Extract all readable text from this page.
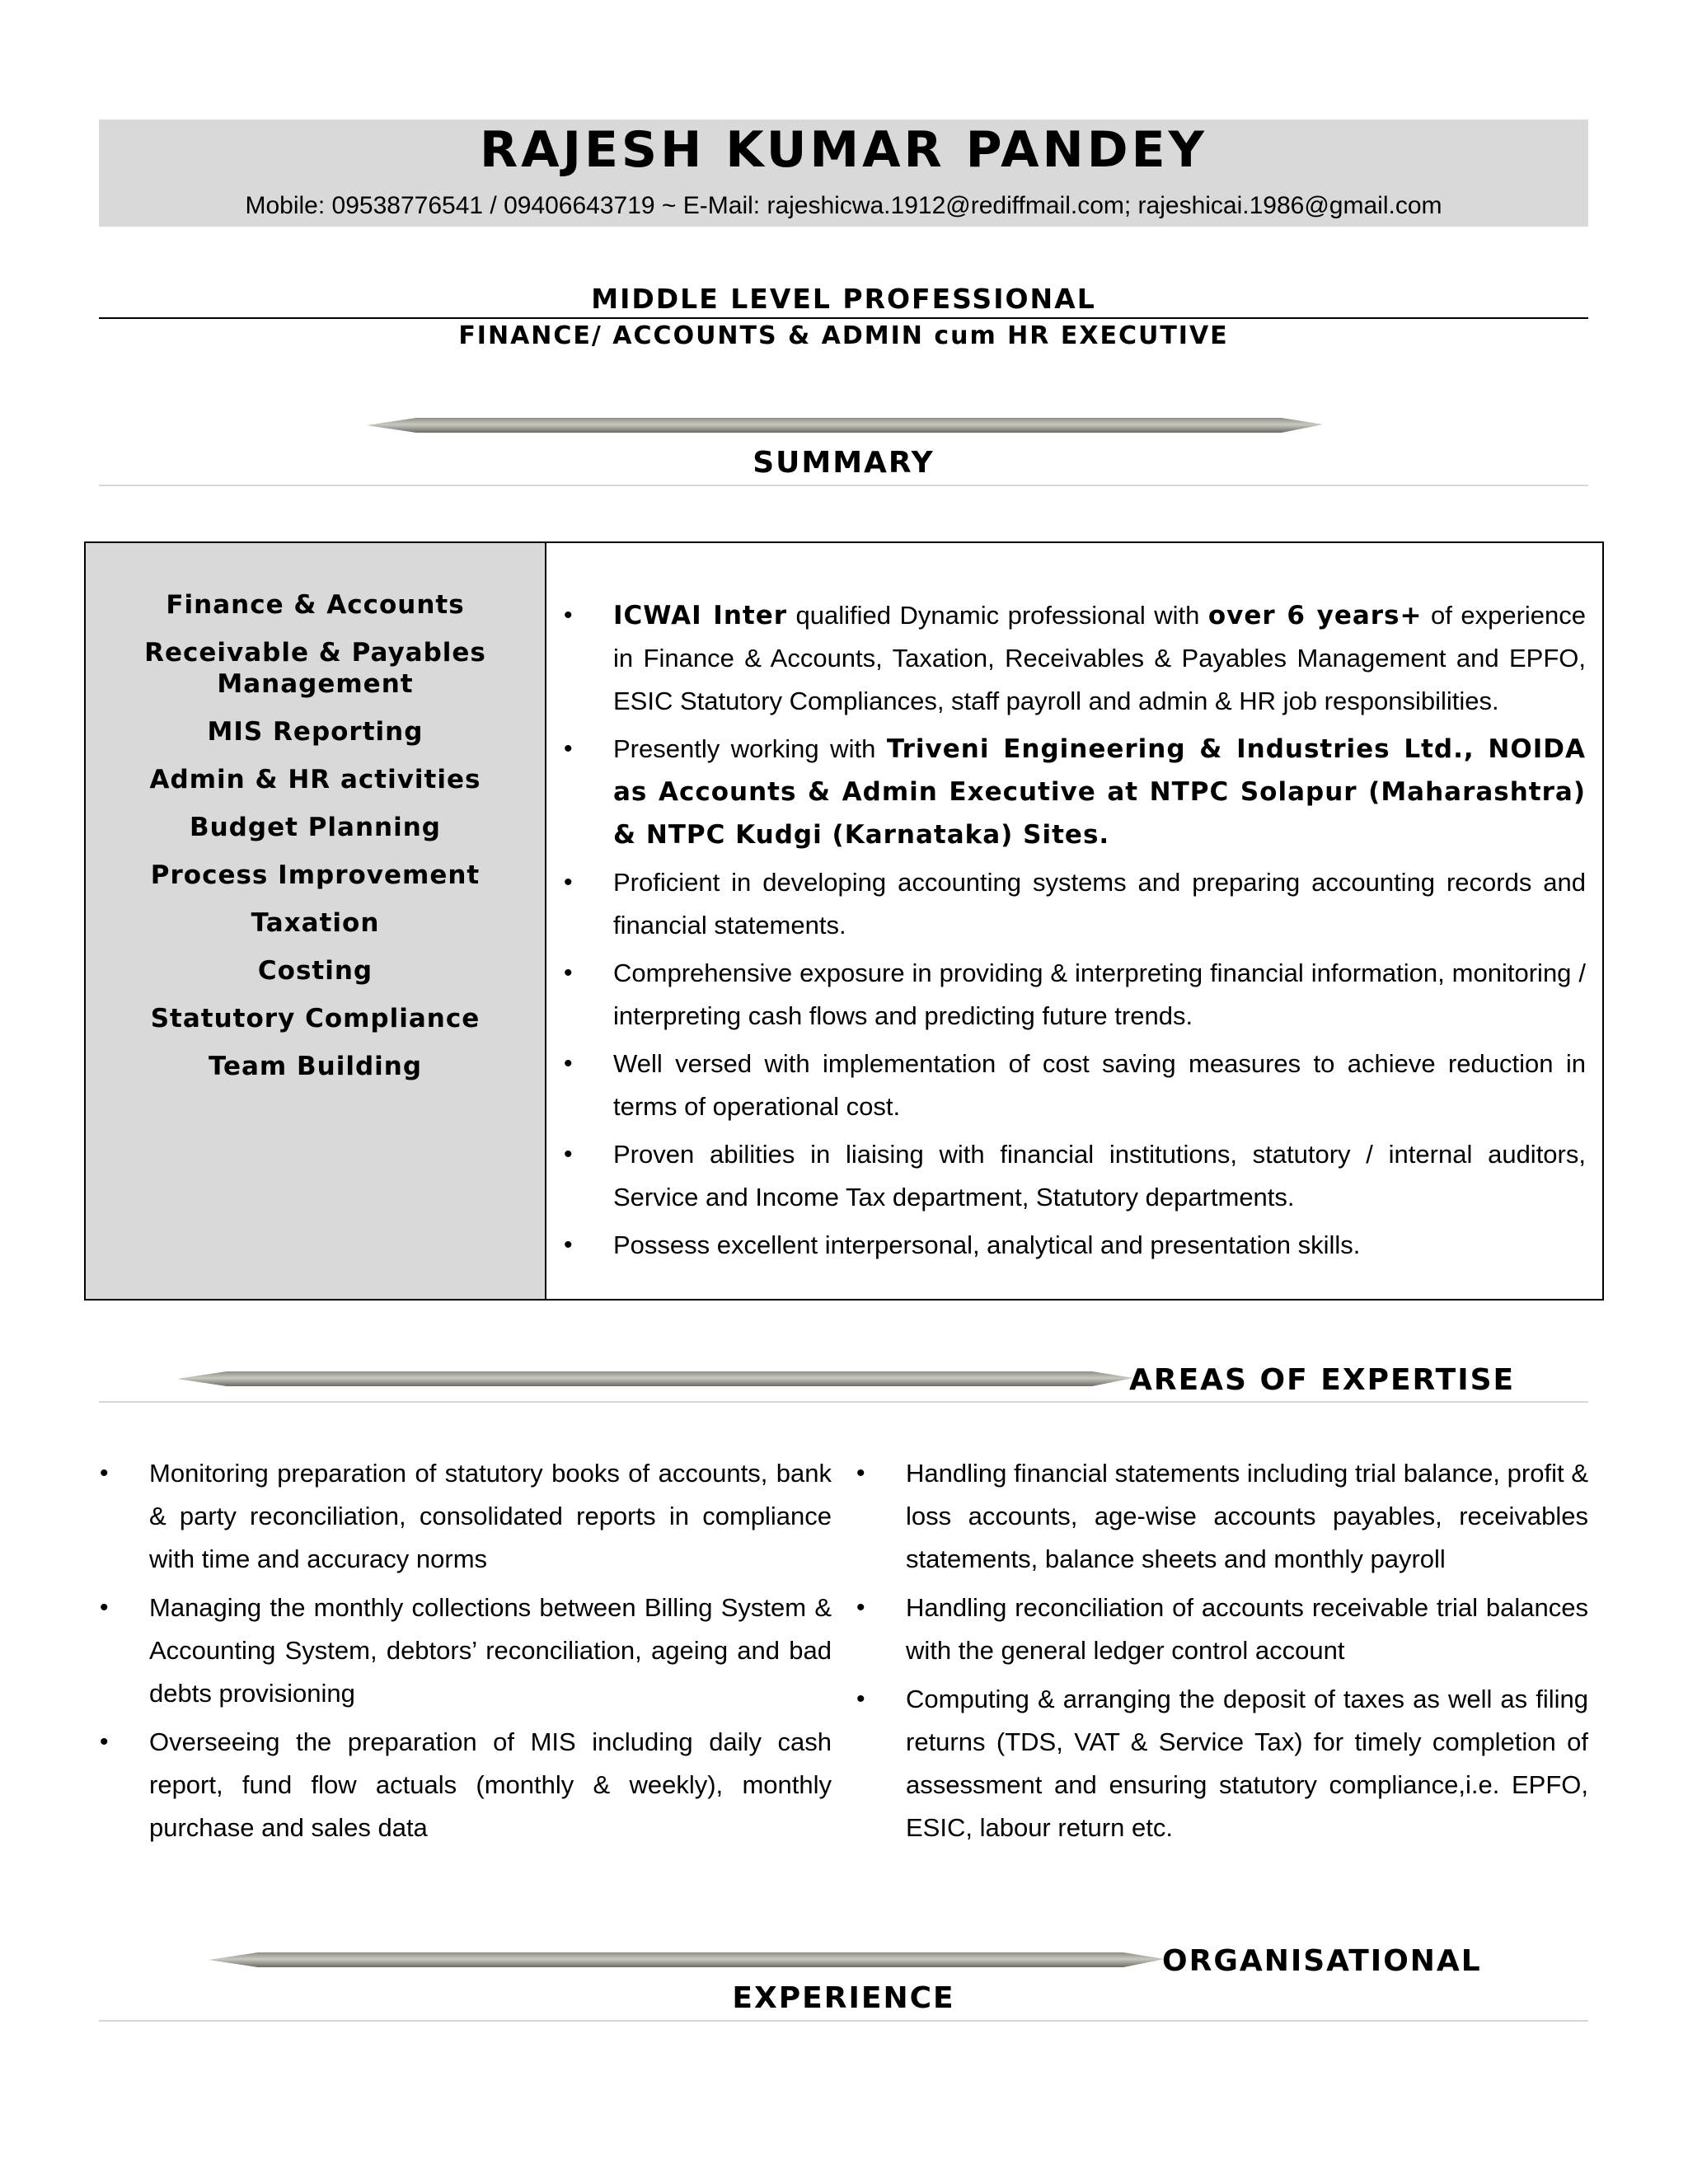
RAJESH KUMAR PANDEY
Mobile: 09538776541 / 09406643719 ~ E-Mail: rajeshicwa.1912@rediffmail.com; rajeshicai.1986@gmail.com
MIDDLE LEVEL PROFESSIONAL
FINANCE/ ACCOUNTS & ADMIN cum HR EXECUTIVE
SUMMARY
Finance & Accounts
Receivable & Payables Management
MIS Reporting
Admin & HR activities
Budget Planning
Process Improvement
Taxation
Costing
Statutory Compliance
Team Building
• ICWAI Inter qualified Dynamic professional with over 6 years+ of experience in Finance & Accounts, Taxation, Receivables & Payables Management and EPFO, ESIC Statutory Compliances, staff payroll and admin & HR job responsibilities.
• Presently working with Triveni Engineering & Industries Ltd., NOIDA as Accounts & Admin Executive at NTPC Solapur (Maharashtra) & NTPC Kudgi (Karnataka) Sites.
• Proficient in developing accounting systems and preparing accounting records and financial statements.
• Comprehensive exposure in providing & interpreting financial information, monitoring / interpreting cash flows and predicting future trends.
• Well versed with implementation of cost saving measures to achieve reduction in terms of operational cost.
• Proven abilities in liaising with financial institutions, statutory / internal auditors, Service and Income Tax department, Statutory departments.
• Possess excellent interpersonal, analytical and presentation skills.
AREAS OF EXPERTISE
• Monitoring preparation of statutory books of accounts, bank & party reconciliation, consolidated reports in compliance with time and accuracy norms
• Managing the monthly collections between Billing System & Accounting System, debtors’ reconciliation, ageing and bad debts provisioning
• Overseeing the preparation of MIS including daily cash report, fund flow actuals (monthly & weekly), monthly purchase and sales data
• Handling financial statements including trial balance, profit & loss accounts, age-wise accounts payables, receivables statements, balance sheets and monthly payroll
• Handling reconciliation of accounts receivable trial balances with the general ledger control account
• Computing & arranging the deposit of taxes as well as filing returns (TDS, VAT & Service Tax) for timely completion of assessment and ensuring statutory compliance,i.e. EPFO, ESIC, labour return etc.
ORGANISATIONAL
EXPERIENCE
